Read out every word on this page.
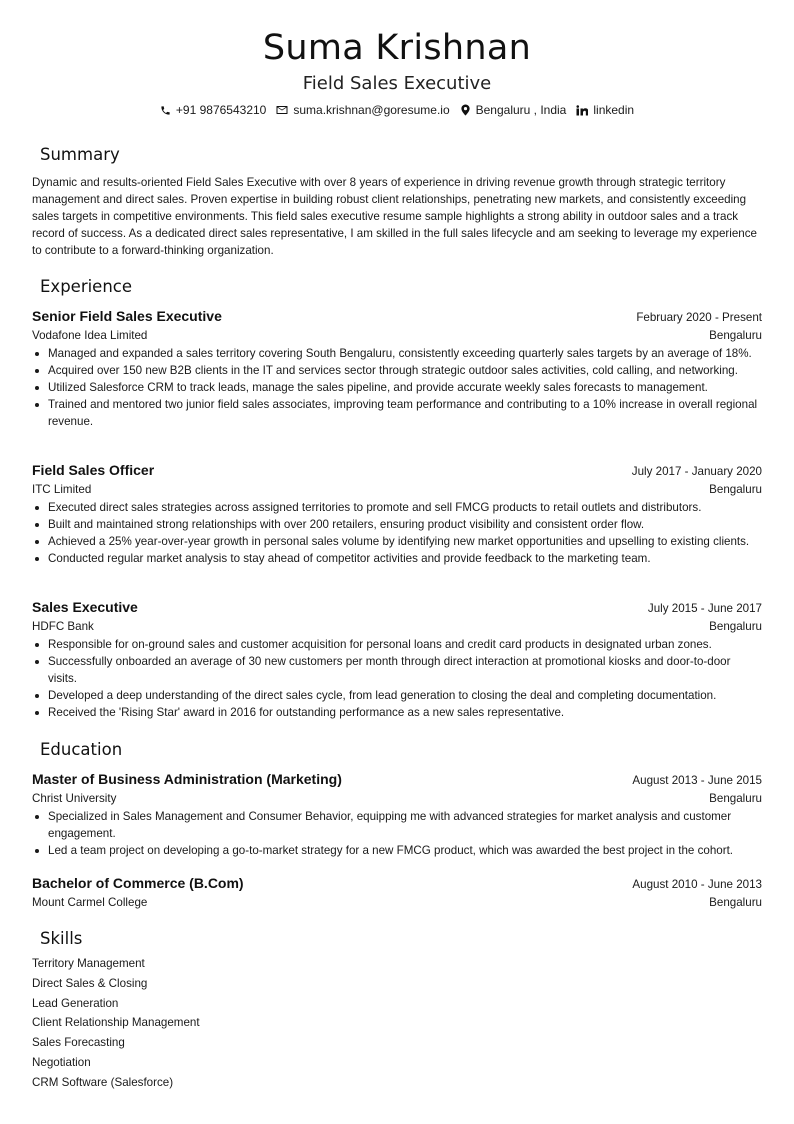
Suma Krishnan
Field Sales Executive
+91 9876543210 suma.krishnan@goresume.io Bengaluru , India linkedin
Summary

Dynamic and results-oriented Field Sales Executive with over 8 years of experience in driving revenue growth through strategic territory management and direct sales. Proven expertise in building robust client relationships, penetrating new markets, and consistently exceeding sales targets in competitive environments. This field sales executive resume sample highlights a strong ability in outdoor sales and a track record of success. As a dedicated direct sales representative, I am skilled in the full sales lifecycle and am seeking to leverage my experience to contribute to a forward-thinking organization.

Experience
Senior Field Sales Executive	February 2020 - Present
Vodafone Idea Limited	Bengaluru
Managed and expanded a sales territory covering South Bengaluru, consistently exceeding quarterly sales targets by an average of 18%.
Acquired over 150 new B2B clients in the IT and services sector through strategic outdoor sales activities, cold calling, and networking.
Utilized Salesforce CRM to track leads, manage the sales pipeline, and provide accurate weekly sales forecasts to management.
Trained and mentored two junior field sales associates, improving team performance and contributing to a 10% increase in overall regional revenue.
Field Sales Officer	July 2017 - January 2020
ITC Limited	Bengaluru
Executed direct sales strategies across assigned territories to promote and sell FMCG products to retail outlets and distributors.
Built and maintained strong relationships with over 200 retailers, ensuring product visibility and consistent order flow.
Achieved a 25% year-over-year growth in personal sales volume by identifying new market opportunities and upselling to existing clients.
Conducted regular market analysis to stay ahead of competitor activities and provide feedback to the marketing team.
Sales Executive	July 2015 - June 2017
HDFC Bank	Bengaluru
Responsible for on-ground sales and customer acquisition for personal loans and credit card products in designated urban zones.
Successfully onboarded an average of 30 new customers per month through direct interaction at promotional kiosks and door-to-door visits.
Developed a deep understanding of the direct sales cycle, from lead generation to closing the deal and completing documentation.
Received the 'Rising Star' award in 2016 for outstanding performance as a new sales representative.
Education
Master of Business Administration (Marketing)	August 2013 - June 2015
Christ University	Bengaluru
Specialized in Sales Management and Consumer Behavior, equipping me with advanced strategies for market analysis and customer engagement.
Led a team project on developing a go-to-market strategy for a new FMCG product, which was awarded the best project in the cohort.
Bachelor of Commerce (B.Com)	August 2010 - June 2013
Mount Carmel College	Bengaluru
Skills
Territory Management
Direct Sales & Closing
Lead Generation
Client Relationship Management
Sales Forecasting
Negotiation
CRM Software (Salesforce)
